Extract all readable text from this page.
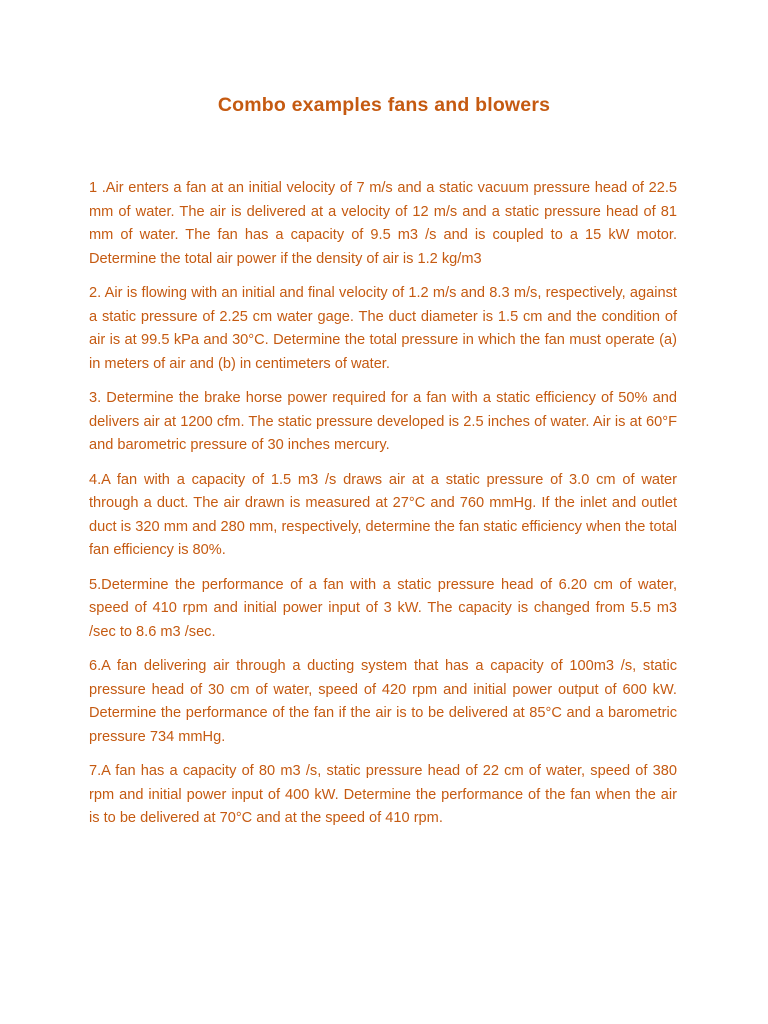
Combo examples fans and blowers

1 .Air enters a fan at an initial velocity of 7 m/s and a static vacuum pressure head of 22.5 mm of water. The air is delivered at a velocity of 12 m/s and a static pressure head of 81 mm of water. The fan has a capacity of 9.5 m3 /s and is coupled to a 15 kW motor. Determine the total air power if the density of air is 1.2 kg/m3

2. Air is flowing with an initial and final velocity of 1.2 m/s and 8.3 m/s, respectively, against a static pressure of 2.25 cm water gage. The duct diameter is 1.5 cm and the condition of air is at 99.5 kPa and 30°C. Determine the total pressure in which the fan must operate (a) in meters of air and (b) in centimeters of water.

3. Determine the brake horse power required for a fan with a static efficiency of 50% and delivers air at 1200 cfm. The static pressure developed is 2.5 inches of water. Air is at 60°F and barometric pressure of 30 inches mercury.

4.A fan with a capacity of 1.5 m3 /s draws air at a static pressure of 3.0 cm of water through a duct. The air drawn is measured at 27°C and 760 mmHg. If the inlet and outlet duct is 320 mm and 280 mm, respectively, determine the fan static efficiency when the total fan efficiency is 80%.

5.Determine the performance of a fan with a static pressure head of 6.20 cm of water, speed of 410 rpm and initial power input of 3 kW. The capacity is changed from 5.5 m3 /sec to 8.6 m3 /sec.

6.A fan delivering air through a ducting system that has a capacity of 100m3 /s, static pressure head of 30 cm of water, speed of 420 rpm and initial power output of 600 kW. Determine the performance of the fan if the air is to be delivered at 85°C and a barometric pressure 734 mmHg.

7.A fan has a capacity of 80 m3 /s, static pressure head of 22 cm of water, speed of 380 rpm and initial power input of 400 kW. Determine the performance of the fan when the air is to be delivered at 70°C and at the speed of 410 rpm.
